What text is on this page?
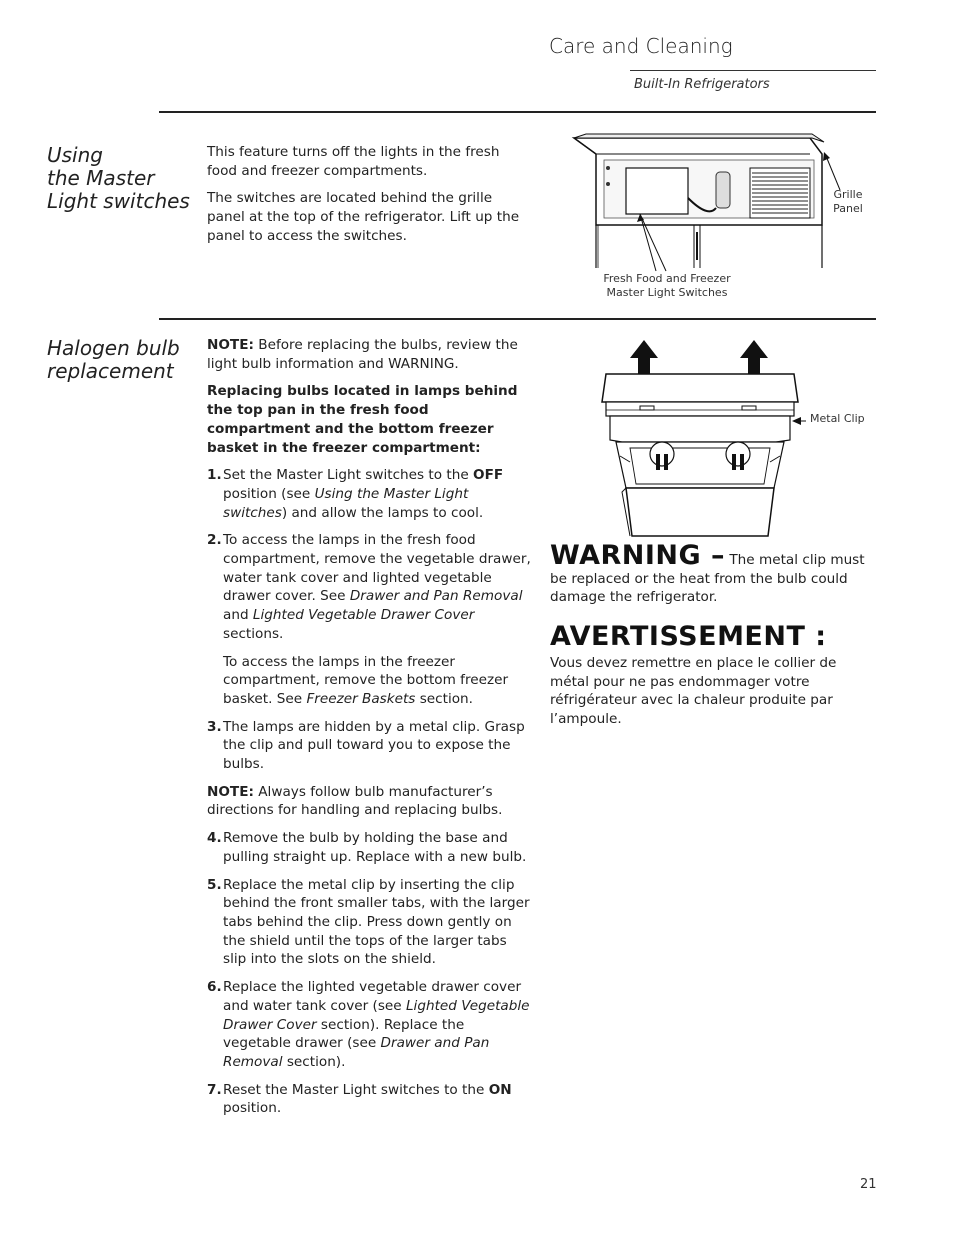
Care and Cleaning
Built-In Refrigerators
Using
the Master
Light switches

This feature turns off the lights in the fresh food and freezer compartments.

The switches are located behind the grille panel at the top of the refrigerator. Lift up the panel to access the switches.

Grille
Panel
Fresh Food and Freezer
Master Light Switches
Halogen bulb
replacement

NOTE: Before replacing the bulbs, review the light bulb information and WARNING.

Replacing bulbs located in lamps behind the top pan in the fresh food compartment and the bottom freezer basket in the freezer compartment:

1. Set the Master Light switches to the OFF position (see Using the Master Light switches) and allow the lamps to cool.
2. To access the lamps in the fresh food compartment, remove the vegetable drawer, water tank cover and lighted vegetable drawer cover. See Drawer and Pan Removal and Lighted Vegetable Drawer Cover sections.

To access the lamps in the freezer compartment, remove the bottom freezer basket. See Freezer Baskets section.

3. The lamps are hidden by a metal clip. Grasp the clip and pull toward you to expose the bulbs.

NOTE: Always follow bulb manufacturer’s directions for handling and replacing bulbs.

4. Remove the bulb by holding the base and pulling straight up. Replace with a new bulb.
5. Replace the metal clip by inserting the clip behind the front smaller tabs, with the larger tabs behind the clip. Press down gently on the shield until the tops of the larger tabs slip into the slots on the shield.
6. Replace the lighted vegetable drawer cover and water tank cover (see Lighted Vegetable Drawer Cover section). Replace the vegetable drawer (see Drawer and Pan Removal section).
7. Reset the Master Light switches to the ON position.
Metal Clip
WARNING – The metal clip must be replaced or the heat from the bulb could damage the refrigerator.
AVERTISSEMENT :
Vous devez remettre en place le collier de métal pour ne pas endommager votre réfrigérateur avec la chaleur produite par l’ampoule.
21
